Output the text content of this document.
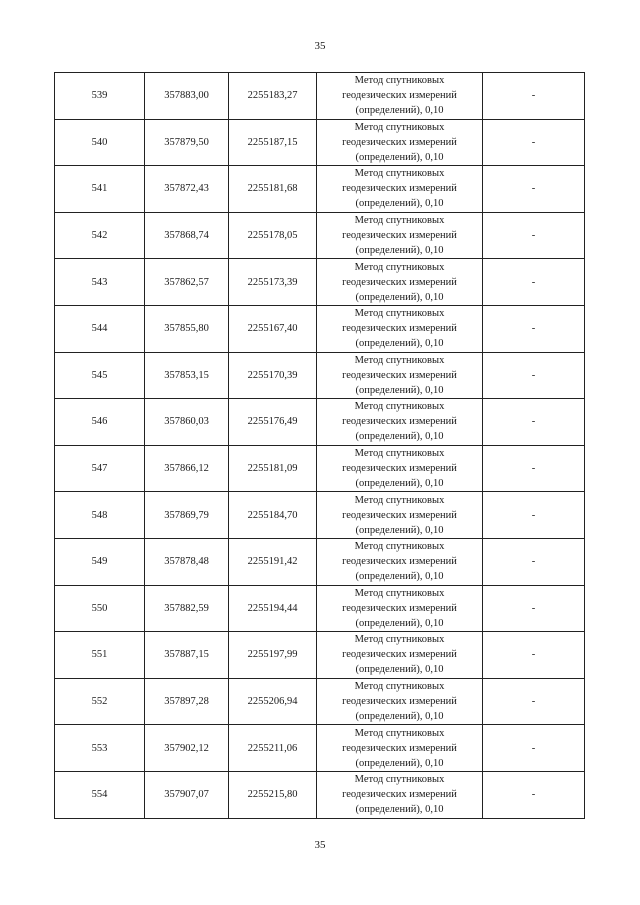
35
539	357883,00	2255183,27	Метод спутниковых
геодезических измерений
(определений), 0,10	-
540	357879,50	2255187,15	Метод спутниковых
геодезических измерений
(определений), 0,10	-
541	357872,43	2255181,68	Метод спутниковых
геодезических измерений
(определений), 0,10	-
542	357868,74	2255178,05	Метод спутниковых
геодезических измерений
(определений), 0,10	-
543	357862,57	2255173,39	Метод спутниковых
геодезических измерений
(определений), 0,10	-
544	357855,80	2255167,40	Метод спутниковых
геодезических измерений
(определений), 0,10	-
545	357853,15	2255170,39	Метод спутниковых
геодезических измерений
(определений), 0,10	-
546	357860,03	2255176,49	Метод спутниковых
геодезических измерений
(определений), 0,10	-
547	357866,12	2255181,09	Метод спутниковых
геодезических измерений
(определений), 0,10	-
548	357869,79	2255184,70	Метод спутниковых
геодезических измерений
(определений), 0,10	-
549	357878,48	2255191,42	Метод спутниковых
геодезических измерений
(определений), 0,10	-
550	357882,59	2255194,44	Метод спутниковых
геодезических измерений
(определений), 0,10	-
551	357887,15	2255197,99	Метод спутниковых
геодезических измерений
(определений), 0,10	-
552	357897,28	2255206,94	Метод спутниковых
геодезических измерений
(определений), 0,10	-
553	357902,12	2255211,06	Метод спутниковых
геодезических измерений
(определений), 0,10	-
554	357907,07	2255215,80	Метод спутниковых
геодезических измерений
(определений), 0,10	-
35
